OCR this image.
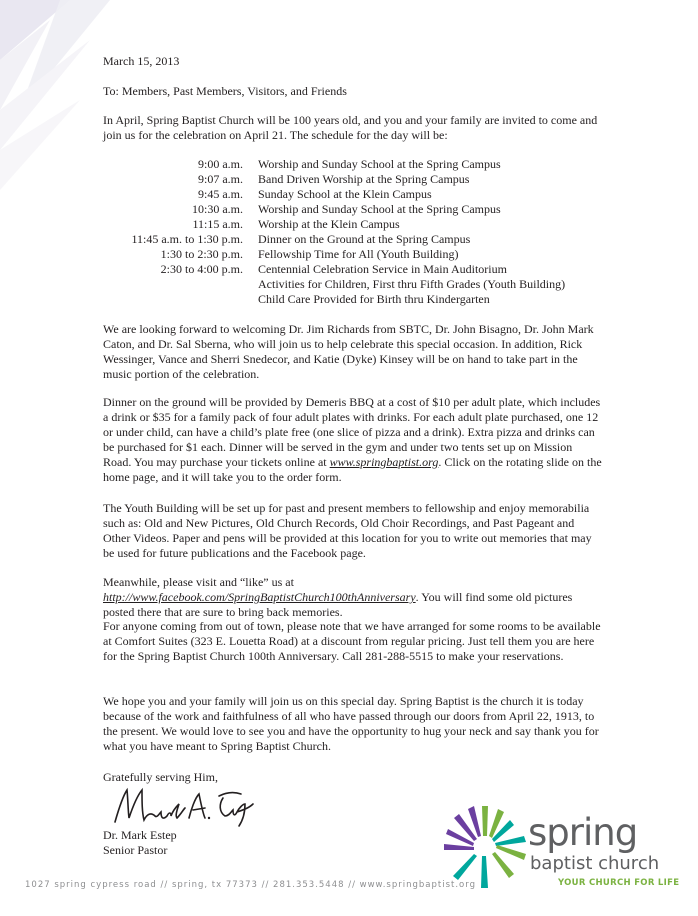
March 15, 2013

To: Members, Past Members, Visitors, and Friends

In April, Spring Baptist Church will be 100 years old, and you and your family are invited to come and join us for the celebration on April 21. The schedule for the day will be:

9:00 a.m. Worship and Sunday School at the Spring Campus
9:07 a.m. Band Driven Worship at the Spring Campus
9:45 a.m. Sunday School at the Klein Campus
10:30 a.m. Worship and Sunday School at the Spring Campus
11:15 a.m. Worship at the Klein Campus
11:45 a.m. to 1:30 p.m. Dinner on the Ground at the Spring Campus
1:30 to 2:30 p.m. Fellowship Time for All (Youth Building)
2:30 to 4:00 p.m. Centennial Celebration Service in Main Auditorium
Activities for Children, First thru Fifth Grades (Youth Building)
Child Care Provided for Birth thru Kindergarten

We are looking forward to welcoming Dr. Jim Richards from SBTC, Dr. John Bisagno, Dr. John Mark Caton, and Dr. Sal Sberna, who will join us to help celebrate this special occasion. In addition, Rick Wessinger, Vance and Sherri Snedecor, and Katie (Dyke) Kinsey will be on hand to take part in the music portion of the celebration.

Dinner on the ground will be provided by Demeris BBQ at a cost of $10 per adult plate, which includes a drink or $35 for a family pack of four adult plates with drinks. For each adult plate purchased, one 12 or under child, can have a child’s plate free (one slice of pizza and a drink). Extra pizza and drinks can be purchased for $1 each. Dinner will be served in the gym and under two tents set up on Mission Road. You may purchase your tickets online at www.springbaptist.org. Click on the rotating slide on the home page, and it will take you to the order form.

The Youth Building will be set up for past and present members to fellowship and enjoy memorabilia such as: Old and New Pictures, Old Church Records, Old Choir Recordings, and Past Pageant and Other Videos. Paper and pens will be provided at this location for you to write out memories that may be used for future publications and the Facebook page.

Meanwhile, please visit and “like” us at http://www.facebook.com/SpringBaptistChurch100thAnniversary. You will find some old pictures posted there that are sure to bring back memories.

For anyone coming from out of town, please note that we have arranged for some rooms to be available at Comfort Suites (323 E. Louetta Road) at a discount from regular pricing. Just tell them you are here for the Spring Baptist Church 100th Anniversary. Call 281-288-5515 to make your reservations.

We hope you and your family will join us on this special day. Spring Baptist is the church it is today because of the work and faithfulness of all who have passed through our doors from April 22, 1913, to the present. We would love to see you and have the opportunity to hug your neck and say thank you for what you have meant to Spring Baptist Church.

Gratefully serving Him,

Dr. Mark Estep

Senior Pastor	spring
baptist church
YOUR CHURCH FOR LIFE
1027 spring cypress road // spring, tx 77373 // 281.353.5448 // www.springbaptist.org
